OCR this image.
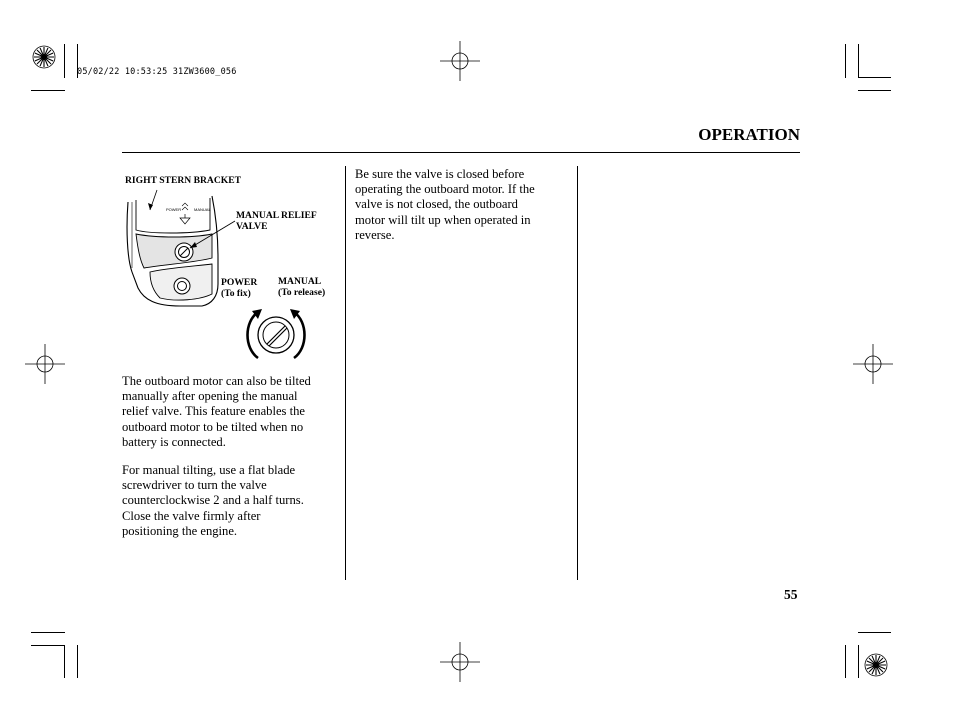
05/02/22 10:53:25 31ZW3600_056
OPERATION
RIGHT STERN BRACKET
MANUAL RELIEF
VALVE
POWER
(To fix)
MANUAL
(To release)
POWER	MANUAL
The outboard motor can also be tilted
manually after opening the manual
relief valve. This feature enables the
outboard motor to be tilted when no
battery is connected.
For manual tilting, use a flat blade
screwdriver to turn the valve
counterclockwise 2 and a half turns.
Close the valve firmly after
positioning the engine.
Be sure the valve is closed before
operating the outboard motor. If the
valve is not closed, the outboard
motor will tilt up when operated in
reverse.
55
